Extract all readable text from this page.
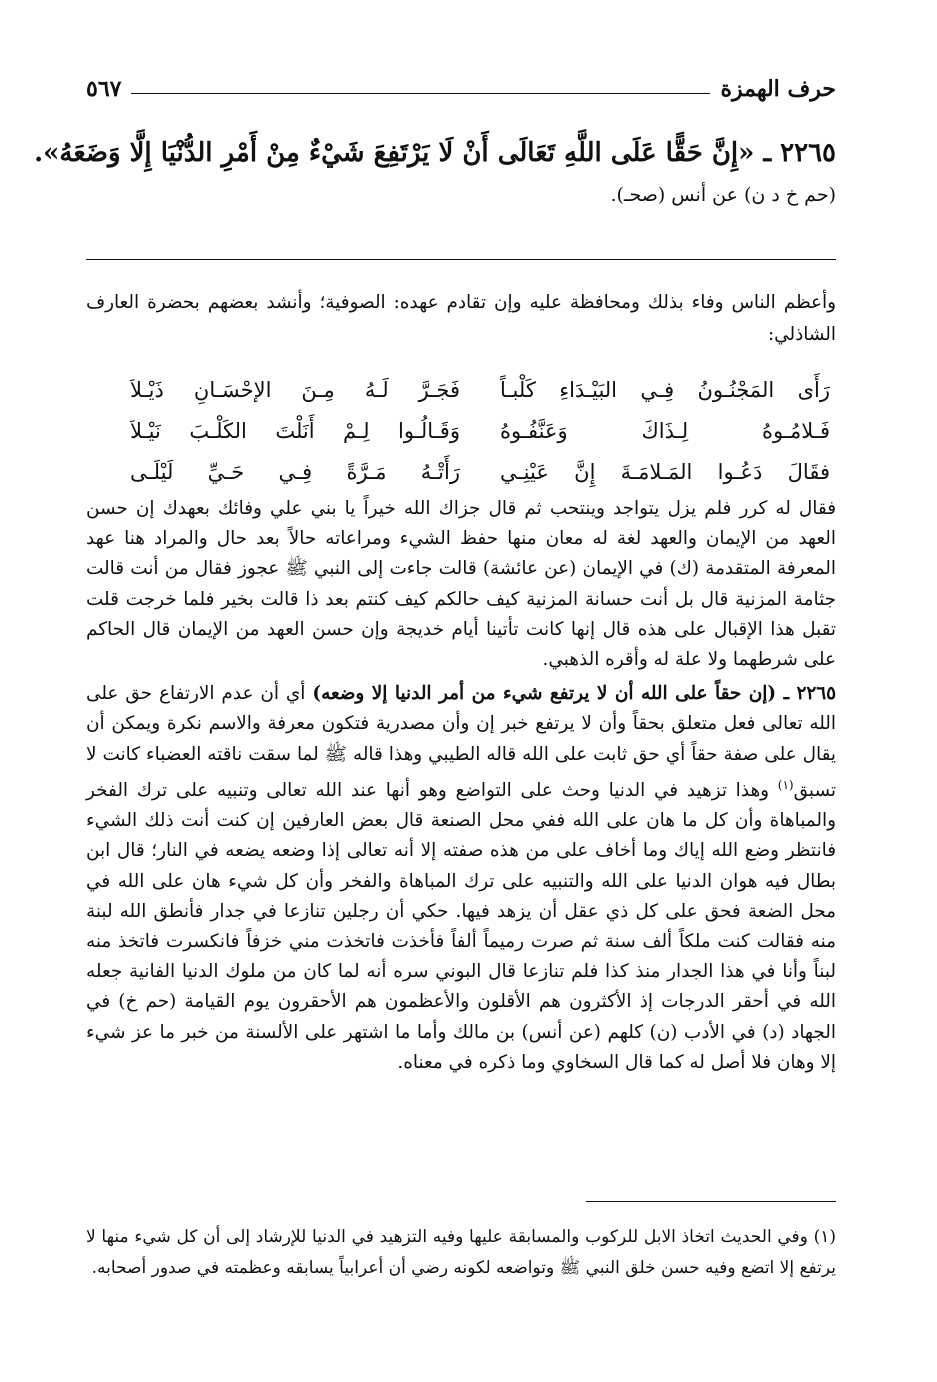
حرف الهمزة
٥٦٧
٢٢٦٥ ـ «إِنَّ حَقًّا عَلَى اللَّهِ تَعَالَى أَنْ لَا يَرْتَفِعَ شَيْءٌ مِنْ أَمْرِ الدُّنْيَا إِلَّا وَضَعَهُ».
(حم خ د ن) عن أنس (صحـ).

وأعظم الناس وفاء بذلك ومحافظة عليه وإن تقادم عهده: الصوفية؛ وأنشد بعضهم بحضرة العارف الشاذلي:

رَأَى المَجْنُـونُ فِـي البَيْـدَاءِ كَلْبـاً
فَجَـرَّ لَـهُ مِـنَ الإحْسَـانِ ذَيْـلاَ
فَـلامُـوهُ لِـذَاكَ وَعَنَّفُـوهُ
وَقَـالُـوا لِـمْ أَنَلْتَ الكَلْـبَ نَيْـلاَ
فقَالَ دَعُـوا المَـلامَـةَ إِنَّ عَيْنِـي
رَأَتْـهُ مَـرَّةً فِـي حَـيِّ لَيْلَـى

فقال له كرر فلم يزل يتواجد وينتحب ثم قال جزاك الله خيراً يا بني علي وفائك بعهدك إن حسن العهد من الإيمان والعهد لغة له معان منها حفظ الشيء ومراعاته حالاً بعد حال والمراد هنا عهد المعرفة المتقدمة (ك) في الإيمان (عن عائشة) قالت جاءت إلى النبي ﷺ عجوز فقال من أنت قالت جثامة المزنية قال بل أنت حسانة المزنية كيف حالكم كيف كنتم بعد ذا قالت بخير فلما خرجت قلت تقبل هذا الإقبال على هذه قال إنها كانت تأتينا أيام خديجة وإن حسن العهد من الإيمان قال الحاكم على شرطهما ولا علة له وأقره الذهبي.

٢٢٦٥ ـ (إن حقاً على الله أن لا يرتفع شيء من أمر الدنيا إلا وضعه) أي أن عدم الارتفاع حق على الله تعالى فعل متعلق بحقاً وأن لا يرتفع خبر إن وأن مصدرية فتكون معرفة والاسم نكرة ويمكن أن يقال على صفة حقاً أي حق ثابت على الله قاله الطيبي وهذا قاله ﷺ لما سقت ناقته العضباء كانت لا تسبق$^{(١)}$ وهذا تزهيد في الدنيا وحث على التواضع وهو أنها عند الله تعالى وتنبيه على ترك الفخر والمباهاة وأن كل ما هان على الله ففي محل الصنعة قال بعض العارفين إن كنت أنت ذلك الشيء فانتظر وضع الله إياك وما أخاف على من هذه صفته إلا أنه تعالى إذا وضعه يضعه في النار؛ قال ابن بطال فيه هوان الدنيا على الله والتنبيه على ترك المباهاة والفخر وأن كل شيء هان على الله في محل الضعة فحق على كل ذي عقل أن يزهد فيها. حكي أن رجلين تنازعا في جدار فأنطق الله لبنة منه فقالت كنت ملكاً ألف سنة ثم صرت رميماً ألفاً فأخذت فاتخذت مني خزفاً فانكسرت فاتخذ منه لبناً وأنا في هذا الجدار منذ كذا فلم تنازعا قال البوني سره أنه لما كان من ملوك الدنيا الفانية جعله الله في أحقر الدرجات إذ الأكثرون هم الأقلون والأعظمون هم الأحقرون يوم القيامة (حم خ) في الجهاد (د) في الأدب (ن) كلهم (عن أنس) بن مالك وأما ما اشتهر على الألسنة من خبر ما عز شيء إلا وهان فلا أصل له كما قال السخاوي وما ذكره في معناه.

(١) وفي الحديث اتخاذ الابل للركوب والمسابقة عليها وفيه التزهيد في الدنيا للإرشاد إلى أن كل شيء منها لا يرتفع إلا اتضع وفيه حسن خلق النبي ﷺ وتواضعه لكونه رضي أن أعرابياً يسابقه وعظمته في صدور أصحابه.
